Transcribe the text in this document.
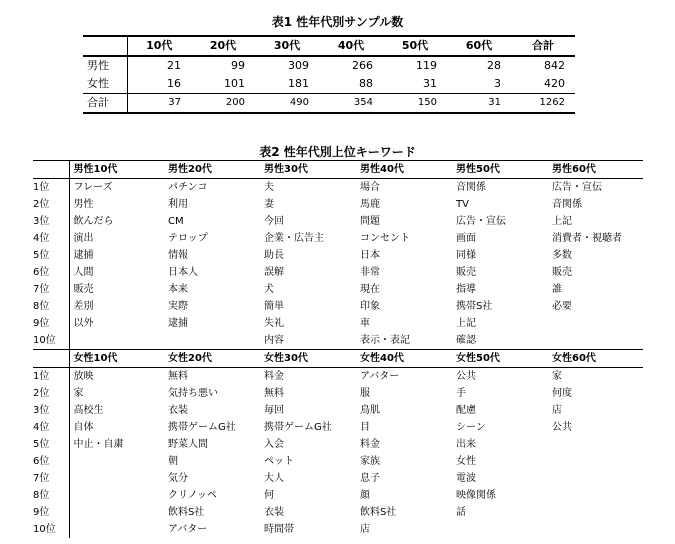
表1 性年代別サンプル数
	10代	20代	30代	40代	50代	60代	合計
男性	21	99	309	266	119	28	842
女性	16	101	181	88	31	3	420
合計	37	200	490	354	150	31	1262
表2 性年代別上位キーワード
	男性10代	男性20代	男性30代	男性40代	男性50代	男性60代
1位	フレーズ	パチンコ	夫	場合	音関係	広告・宣伝
2位	男性	利用	妻	馬鹿	TV	音関係
3位	飲んだら	CM	今回	問題	広告・宣伝	上記
4位	演出	テロップ	企業・広告主	コンセント	画面	消費者・視聴者
5位	逮捕	情報	助長	日本	同様	多数
6位	人間	日本人	誤解	非常	販売	販売
7位	販売	本来	犬	現在	指導	誰
8位	差別	実際	簡単	印象	携帯S社	必要
9位	以外	逮捕	失礼	車	上記	
10位			内容	表示・表記	確認	
	女性10代	女性20代	女性30代	女性40代	女性50代	女性60代
1位	放映	無料	料金	アバター	公共	家
2位	家	気持ち悪い	無料	服	手	何度
3位	高校生	衣装	毎回	鳥肌	配慮	店
4位	自体	携帯ゲームG社	携帯ゲームG社	目	シーン	公共
5位	中止・自粛	野菜人間	入会	料金	出来	
6位		朝	ペット	家族	女性	
7位		気分	大人	息子	電波	
8位		クリノッペ	何	顔	映像関係	
9位		飲料S社	衣装	飲料S社	話	
10位		アバター	時間帯	店		
